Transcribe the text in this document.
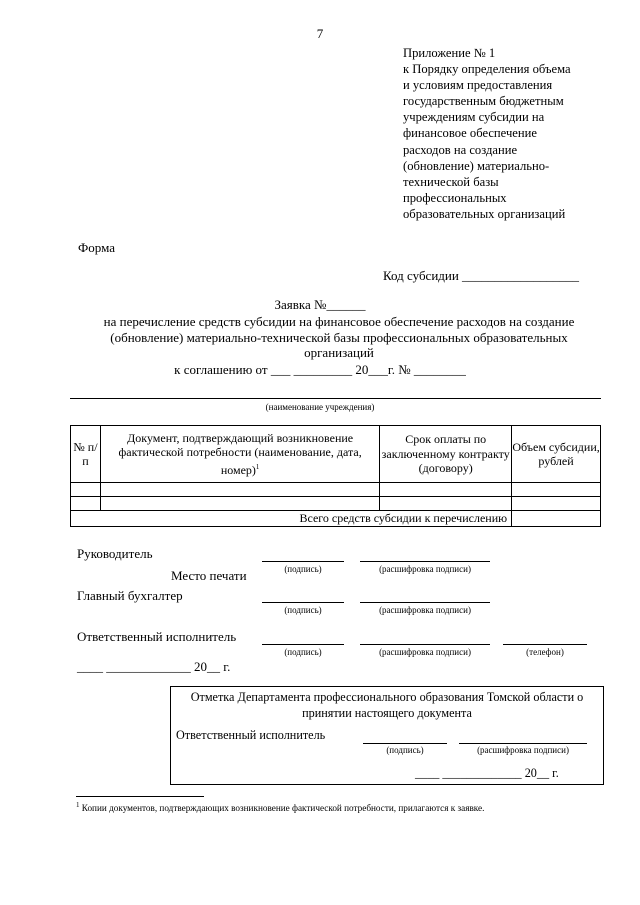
7
Приложение № 1
к Порядку определения объема
и условиям предоставления
государственным бюджетным
учреждениям субсидии на
финансовое обеспечение
расходов на создание
(обновление) материально-
технической базы
профессиональных
образовательных организаций
Форма
Код субсидии __________________
Заявка №______
на перечисление средств субсидии на финансовое обеспечение расходов на создание
(обновление) материально-технической базы профессиональных образовательных
организаций
к соглашению от ___ _________ 20___г. № ________
(наименование учреждения)
№ п/п	Документ, подтверждающий возникновение фактической потребности (наименование, дата, номер)$^1$	Срок оплаты по заключенному контракту (договору)	Объем субсидии, рублей

Всего средств субсидии к перечислению			
Руководитель
Место печати	(подпись)	(расшифровка подписи)
Главный бухгалтер
(подпись)	(расшифровка подписи)
Ответственный исполнитель
(подпись)	(расшифровка подписи)	(телефон)
____ _____________ 20__ г.
Отметка Департамента профессионального образования Томской области о
принятии настоящего документа
Ответственный исполнитель
(подпись)	(расшифровка подписи)
____ _____________ 20__ г.
$^1$ Копии документов, подтверждающих возникновение фактической потребности, прилагаются к заявке.
